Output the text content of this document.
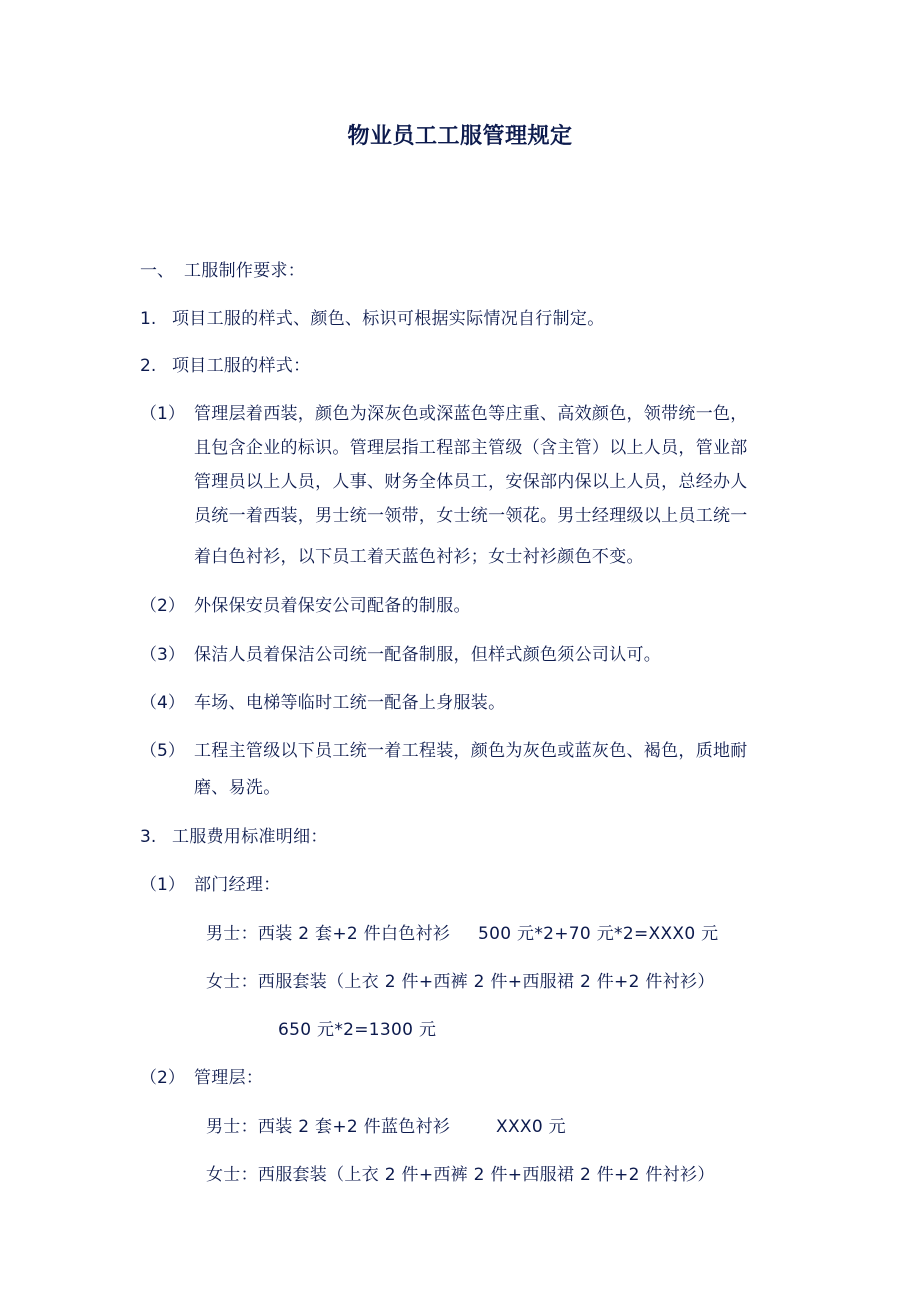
物业员工工服管理规定
一、 工服制作要求：
1. 项目工服的样式、颜色、标识可根据实际情况自行制定。
2. 项目工服的样式：
（1） 管理层着西装，颜色为深灰色或深蓝色等庄重、高效颜色，领带统一色，
且包含企业的标识。管理层指工程部主管级（含主管）以上人员，管业部
管理员以上人员，人事、财务全体员工，安保部内保以上人员，总经办人
员统一着西装，男士统一领带，女士统一领花。男士经理级以上员工统一
着白色衬衫，以下员工着天蓝色衬衫；女士衬衫颜色不变。
（2） 外保保安员着保安公司配备的制服。
（3） 保洁人员着保洁公司统一配备制服，但样式颜色须公司认可。
（4） 车场、电梯等临时工统一配备上身服装。
（5） 工程主管级以下员工统一着工程装，颜色为灰色或蓝灰色、褐色，质地耐
磨、易洗。
3. 工服费用标准明细：
（1） 部门经理：
男士：西装 2 套+2 件白色衬衫 500 元*2+70 元*2=XXX0 元
女士：西服套装（上衣 2 件+西裤 2 件+西服裙 2 件+2 件衬衫）
650 元*2=1300 元
（2） 管理层：
男士：西装 2 套+2 件蓝色衬衫	XXX0 元
女士：西服套装（上衣 2 件+西裤 2 件+西服裙 2 件+2 件衬衫）
